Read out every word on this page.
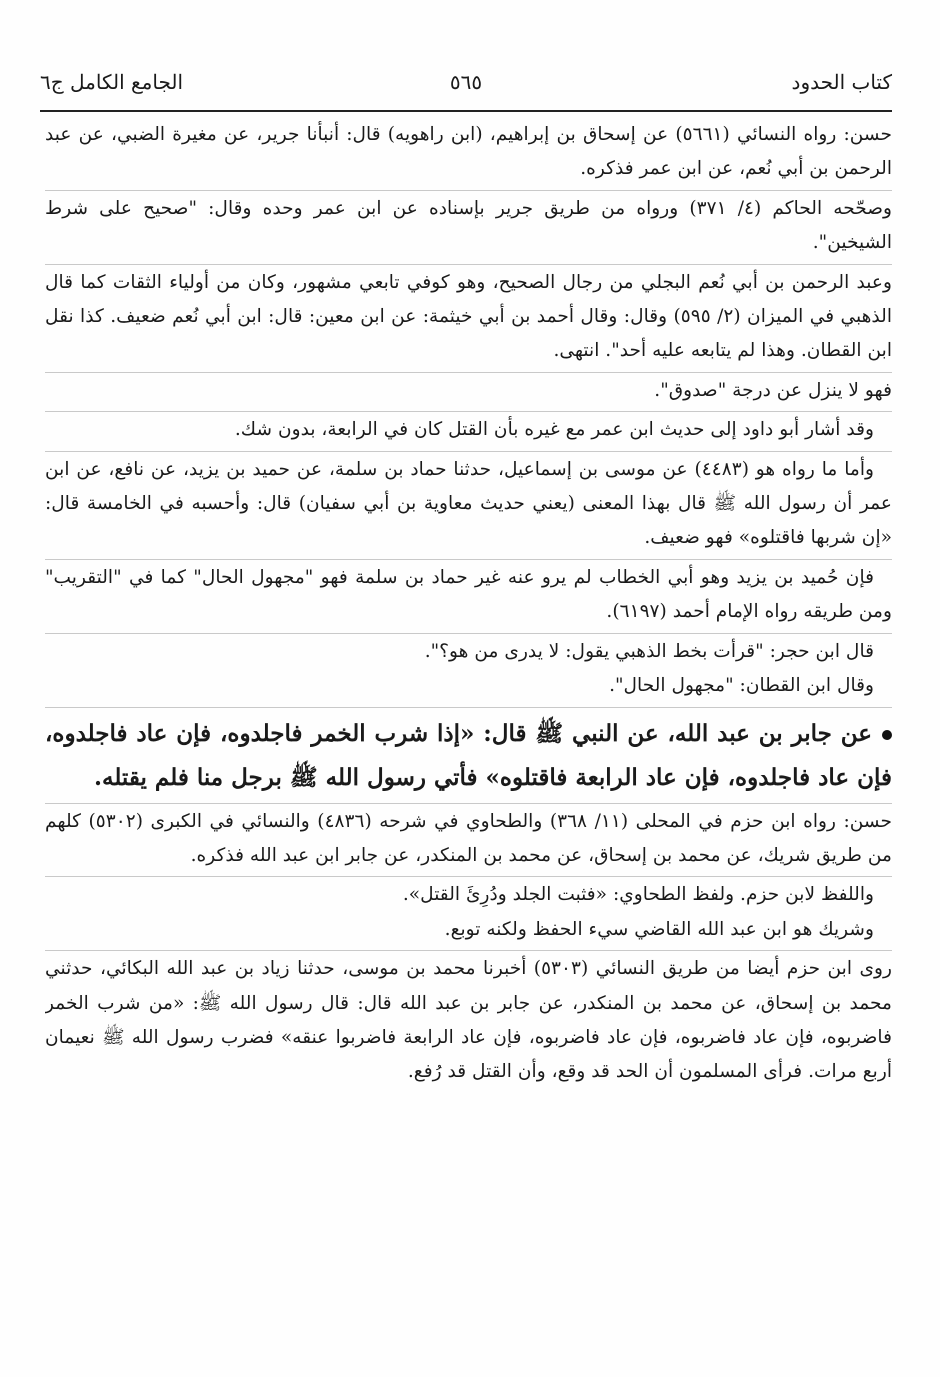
كتاب الحدود
٥٦٥
الجامع الكامل ج٦

حسن: رواه النسائي (٥٦٦١) عن إسحاق بن إبراهيم، (ابن راهويه) قال: أنبأنا جرير، عن مغيرة الضبي، عن عبد الرحمن بن أبي نُعم، عن ابن عمر فذكره.

وصحّحه الحاكم (٤/ ٣٧١) ورواه من طريق جرير بإسناده عن ابن عمر وحده وقال: "صحيح على شرط الشيخين".

وعبد الرحمن بن أبي نُعم البجلي من رجال الصحيح، وهو كوفي تابعي مشهور، وكان من أولياء الثقات كما قال الذهبي في الميزان (٢/ ٥٩٥) وقال: وقال أحمد بن أبي خيثمة: عن ابن معين: قال: ابن أبي نُعم ضعيف. كذا نقل ابن القطان. وهذا لم يتابعه عليه أحد". انتهى.

فهو لا ينزل عن درجة "صدوق".

وقد أشار أبو داود إلى حديث ابن عمر مع غيره بأن القتل كان في الرابعة، بدون شك.

وأما ما رواه هو (٤٤٨٣) عن موسى بن إسماعيل، حدثنا حماد بن سلمة، عن حميد بن يزيد، عن نافع، عن ابن عمر أن رسول الله ﷺ قال بهذا المعنى (يعني حديث معاوية بن أبي سفيان) قال: وأحسبه في الخامسة قال: «إن شربها فاقتلوه» فهو ضعيف.

فإن حُميد بن يزيد وهو أبي الخطاب لم يرو عنه غير حماد بن سلمة فهو "مجهول الحال" كما في "التقريب" ومن طريقه رواه الإمام أحمد (٦١٩٧).

قال ابن حجر: "قرأت بخط الذهبي يقول: لا يدرى من هو؟".

وقال ابن القطان: "مجهول الحال".

عن جابر بن عبد الله، عن النبي ﷺ قال: «إذا شرب الخمر فاجلدوه، فإن عاد فاجلدوه، فإن عاد فاجلدوه، فإن عاد الرابعة فاقتلوه» فأتي رسول الله ﷺ برجل منا فلم يقتله.

حسن: رواه ابن حزم في المحلى (١١/ ٣٦٨) والطحاوي في شرحه (٤٨٣٦) والنسائي في الكبرى (٥٣٠٢) كلهم من طريق شريك، عن محمد بن إسحاق، عن محمد بن المنكدر، عن جابر ابن عبد الله فذكره.

واللفظ لابن حزم. ولفظ الطحاوي: «فثبت الجلد ودُرِئَ القتل».

وشريك هو ابن عبد الله القاضي سيء الحفظ ولكنه توبع.

روى ابن حزم أيضا من طريق النسائي (٥٣٠٣) أخبرنا محمد بن موسى، حدثنا زياد بن عبد الله البكائي، حدثني محمد بن إسحاق، عن محمد بن المنكدر، عن جابر بن عبد الله قال: قال رسول الله ﷺ: «من شرب الخمر فاضربوه، فإن عاد فاضربوه، فإن عاد فاضربوه، فإن عاد الرابعة فاضربوا عنقه» فضرب رسول الله ﷺ نعيمان أربع مرات. فرأى المسلمون أن الحد قد وقع، وأن القتل قد رُفع.
